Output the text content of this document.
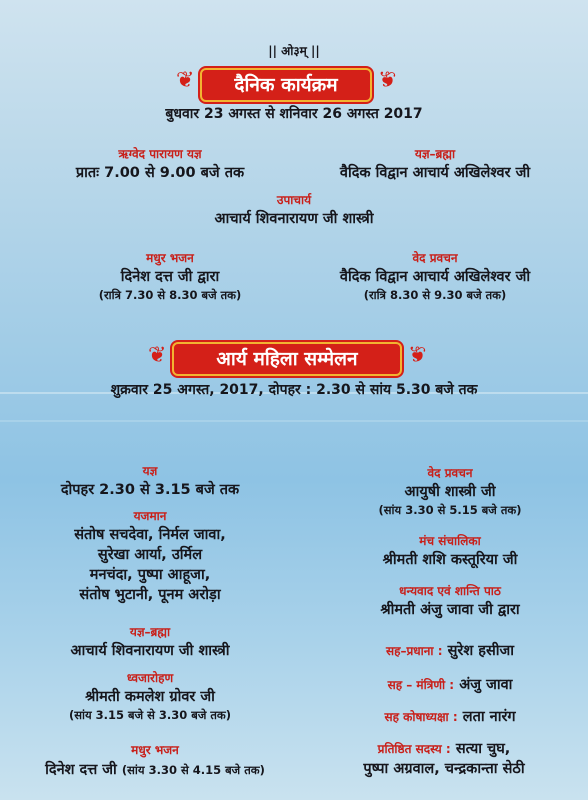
|| ओ३म् ||
❦	दैनिक कार्यक्रम	❦
बुधवार 23 अगस्त से शनिवार 26 अगस्त 2017
ऋग्वेद पारायण यज्ञ
प्रातः 7.00 से 9.00 बजे तक
यज्ञ–ब्रह्मा
वैदिक विद्वान आचार्य अखिलेश्वर जी
उपाचार्य
आचार्य शिवनारायण जी शास्त्री
मधुर भजन
दिनेश दत्त जी द्वारा
(रात्रि 7.30 से 8.30 बजे तक)
वेद प्रवचन
वैदिक विद्वान आचार्य अखिलेश्वर जी
(रात्रि 8.30 से 9.30 बजे तक)
❦	आर्य महिला सम्मेलन	❦
शुक्रवार 25 अगस्त, 2017, दोपहर : 2.30 से सांय 5.30 बजे तक
यज्ञ
दोपहर 2.30 से 3.15 बजे तक
यजमान
संतोष सचदेवा, निर्मल जावा,
सुरेखा आर्या, उर्मिल
मनचंदा, पुष्पा आहूजा,
संतोष भुटानी, पूनम अरोड़ा
यज्ञ–ब्रह्मा
आचार्य शिवनारायण जी शास्त्री
ध्वजारोहण
श्रीमती कमलेश ग्रोवर जी
(सांय 3.15 बजे से 3.30 बजे तक)
मधुर भजन
दिनेश दत्त जी (सांय 3.30 से 4.15 बजे तक)
वेद प्रवचन
आयुषी शास्त्री जी
(सांय 3.30 से 5.15 बजे तक)
मंच संचालिका
श्रीमती शशि कस्तूरिया जी
धन्यवाद एवं शान्ति पाठ
श्रीमती अंजु जावा जी द्वारा
सह–प्रधाना : सुरेश हसीजा
सह – मंत्रिणी : अंजु जावा
सह कोषाध्यक्षा : लता नारंग
प्रतिष्ठित सदस्य : सत्या चुघ,
पुष्पा अग्रवाल, चन्द्रकान्ता सेठी
